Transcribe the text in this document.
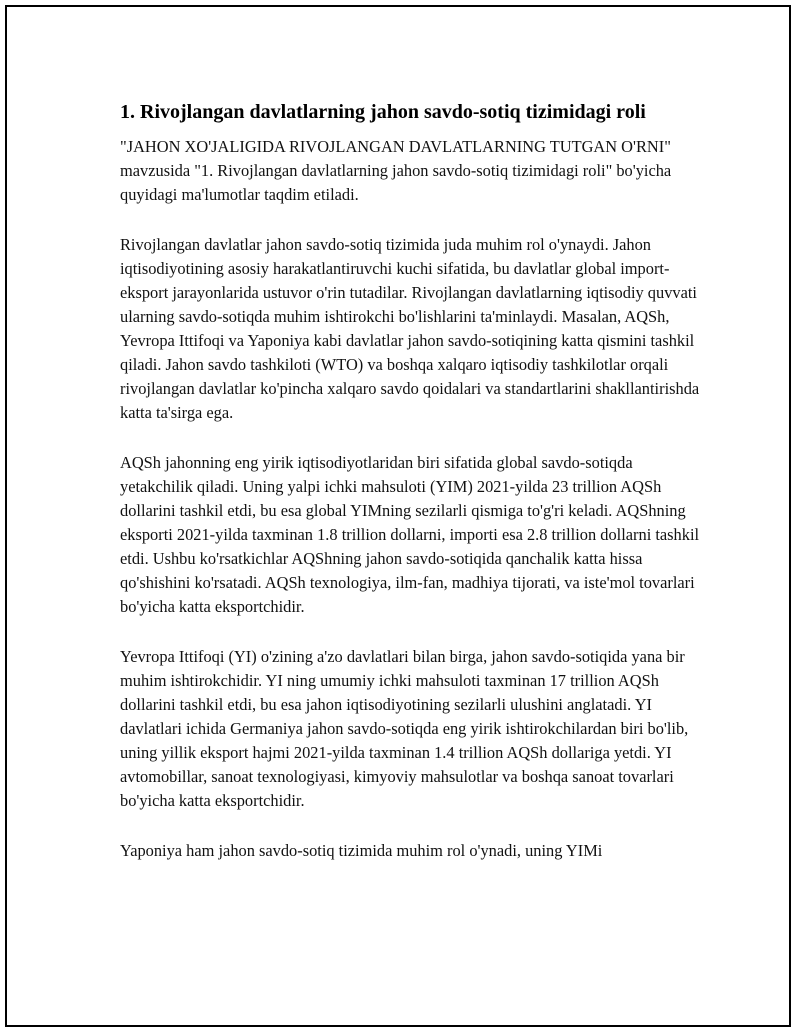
1. Rivojlangan davlatlarning jahon savdo-sotiq tizimidagi roli

"JAHON XO'JALIGIDA RIVOJLANGAN DAVLATLARNING TUTGAN O'RNI" mavzusida "1. Rivojlangan davlatlarning jahon savdo-sotiq tizimidagi roli" bo'yicha quyidagi ma'lumotlar taqdim etiladi.

Rivojlangan davlatlar jahon savdo-sotiq tizimida juda muhim rol o'ynaydi. Jahon iqtisodiyotining asosiy harakatlantiruvchi kuchi sifatida, bu davlatlar global import-eksport jarayonlarida ustuvor o'rin tutadilar. Rivojlangan davlatlarning iqtisodiy quvvati ularning savdo-sotiqda muhim ishtirokchi bo'lishlarini ta'minlaydi. Masalan, AQSh, Yevropa Ittifoqi va Yaponiya kabi davlatlar jahon savdo-sotiqining katta qismini tashkil qiladi. Jahon savdo tashkiloti (WTO) va boshqa xalqaro iqtisodiy tashkilotlar orqali rivojlangan davlatlar ko'pincha xalqaro savdo qoidalari va standartlarini shakllantirishda katta ta'sirga ega.

AQSh jahonning eng yirik iqtisodiyotlaridan biri sifatida global savdo-sotiqda yetakchilik qiladi. Uning yalpi ichki mahsuloti (YIM) 2021-yilda 23 trillion AQSh dollarini tashkil etdi, bu esa global YIMning sezilarli qismiga to'g'ri keladi. AQShning eksporti 2021-yilda taxminan 1.8 trillion dollarni, importi esa 2.8 trillion dollarni tashkil etdi. Ushbu ko'rsatkichlar AQShning jahon savdo-sotiqida qanchalik katta hissa qo'shishini ko'rsatadi. AQSh texnologiya, ilm-fan, madhiya tijorati, va iste'mol tovarlari bo'yicha katta eksportchidir.

Yevropa Ittifoqi (YI) o'zining a'zo davlatlari bilan birga, jahon savdo-sotiqida yana bir muhim ishtirokchidir. YI ning umumiy ichki mahsuloti taxminan 17 trillion AQSh dollarini tashkil etdi, bu esa jahon iqtisodiyotining sezilarli ulushini anglatadi. YI davlatlari ichida Germaniya jahon savdo-sotiqda eng yirik ishtirokchilardan biri bo'lib, uning yillik eksport hajmi 2021-yilda taxminan 1.4 trillion AQSh dollariga yetdi. YI avtomobillar, sanoat texnologiyasi, kimyoviy mahsulotlar va boshqa sanoat tovarlari bo'yicha katta eksportchidir.

Yaponiya ham jahon savdo-sotiq tizimida muhim rol o'ynadi, uning YIMi
